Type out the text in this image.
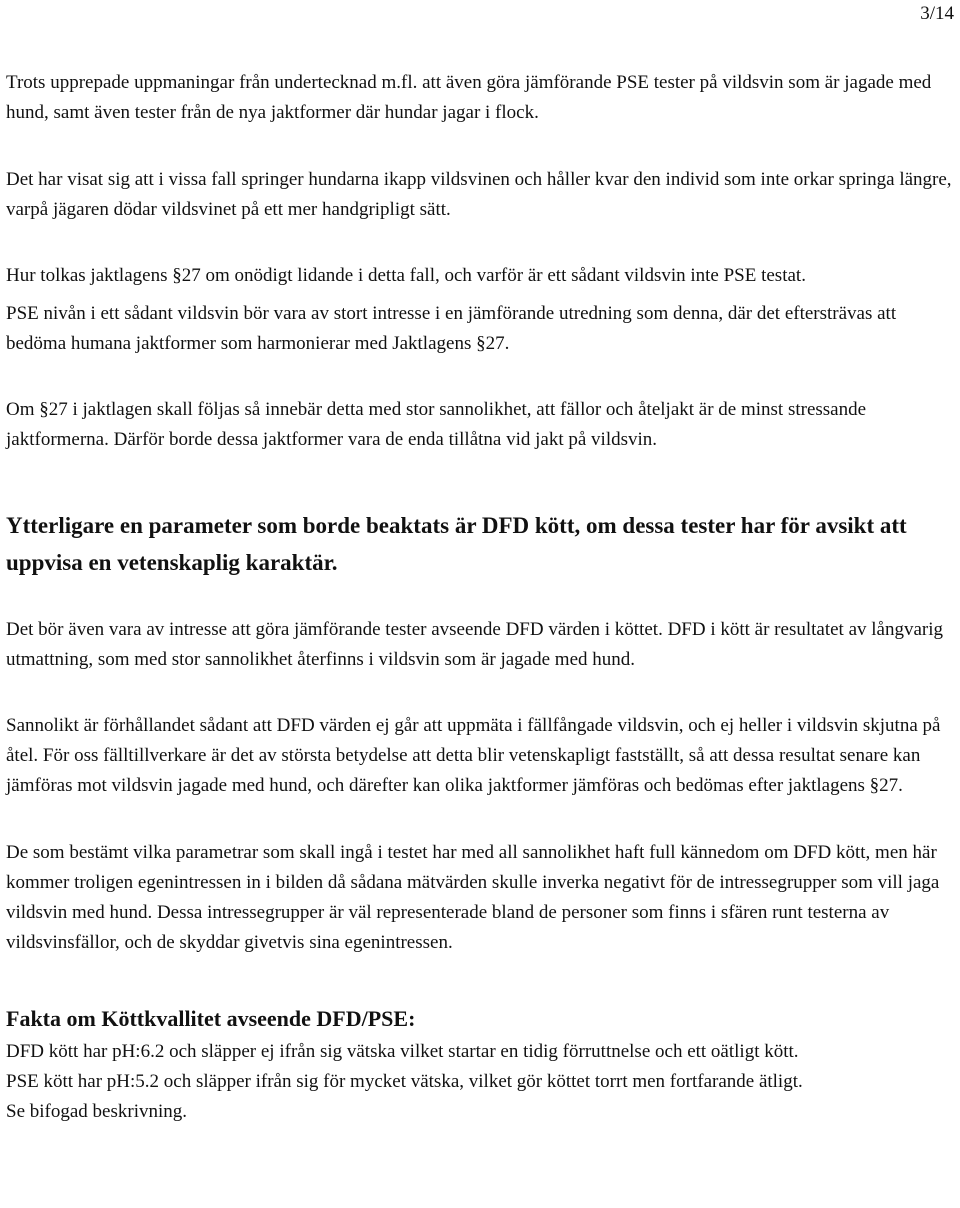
3/14

Trots upprepade uppmaningar från undertecknad m.fl. att även göra jämförande PSE tester på vildsvin som är jagade med hund, samt även tester från de nya jaktformer där hundar jagar i flock.

Det har visat sig att i vissa fall springer hundarna ikapp vildsvinen och håller kvar den individ som inte orkar springa längre, varpå jägaren dödar vildsvinet på ett mer handgripligt sätt.

Hur tolkas jaktlagens §27 om onödigt lidande i detta fall, och varför är ett sådant vildsvin inte PSE testat.

PSE nivån i ett sådant vildsvin bör vara av stort intresse i en jämförande utredning som denna, där det eftersträvas att bedöma humana jaktformer som harmonierar med Jaktlagens §27.

Om §27 i jaktlagen skall följas så innebär detta med stor sannolikhet, att fällor och åteljakt är de minst stressande jaktformerna. Därför borde dessa jaktformer vara de enda tillåtna vid jakt på vildsvin.

Ytterligare en parameter som borde beaktats är DFD kött, om dessa tester har för avsikt att uppvisa en vetenskaplig karaktär.

Det bör även vara av intresse att göra jämförande tester avseende DFD värden i köttet. DFD i kött är resultatet av långvarig utmattning, som med stor sannolikhet återfinns i vildsvin som är jagade med hund.

Sannolikt är förhållandet sådant att DFD värden ej går att uppmäta i fällfångade vildsvin, och ej heller i vildsvin skjutna på åtel. För oss fälltillverkare är det av största betydelse att detta blir vetenskapligt fastställt, så att dessa resultat senare kan jämföras mot vildsvin jagade med hund, och därefter kan olika jaktformer jämföras och bedömas efter jaktlagens §27.

De som bestämt vilka parametrar som skall ingå i testet har med all sannolikhet haft full kännedom om DFD kött, men här kommer troligen egenintressen in i bilden då sådana mätvärden skulle inverka negativt för de intressegrupper som vill jaga vildsvin med hund. Dessa intressegrupper är väl representerade bland de personer som finns i sfären runt testerna av vildsvinsfällor, och de skyddar givetvis sina egenintressen.

Fakta om Köttkvallitet avseende DFD/PSE:

DFD kött har pH:6.2 och släpper ej ifrån sig vätska vilket startar en tidig förruttnelse och ett oätligt kött.

PSE kött har pH:5.2 och släpper ifrån sig för mycket vätska, vilket gör köttet torrt men fortfarande ätligt.

Se bifogad beskrivning.
